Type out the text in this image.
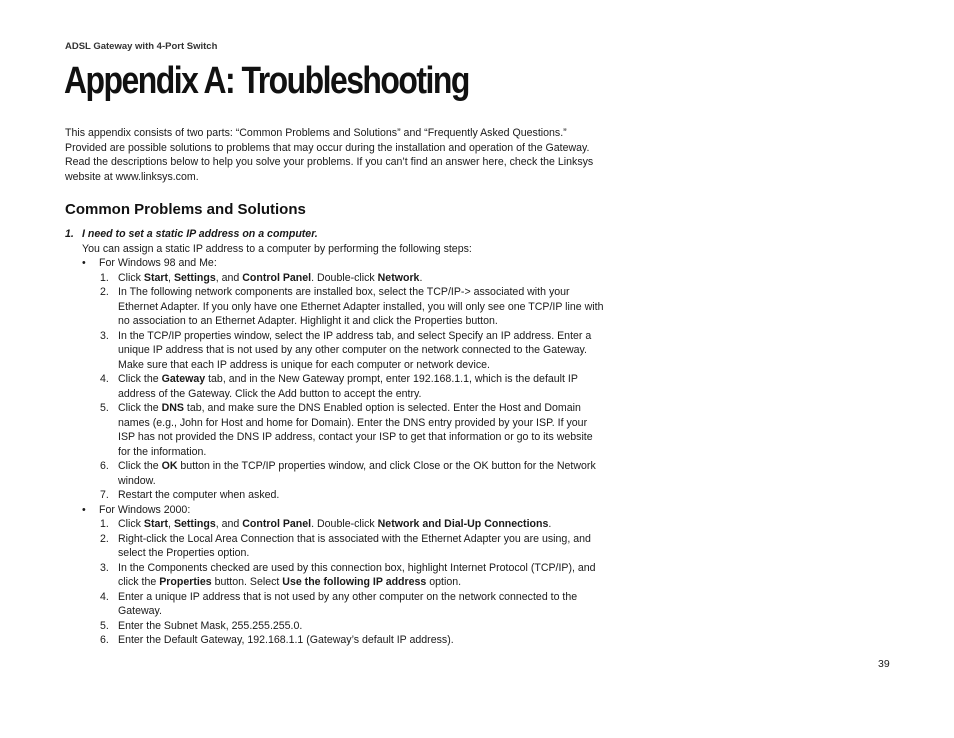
ADSL Gateway with 4-Port Switch
Appendix A: Troubleshooting

This appendix consists of two parts: “Common Problems and Solutions” and “Frequently Asked Questions.” Provided are possible solutions to problems that may occur during the installation and operation of the Gateway. Read the descriptions below to help you solve your problems. If you can’t find an answer here, check the Linksys website at www.linksys.com.

Common Problems and Solutions

1. I need to set a static IP address on a computer.

You can assign a static IP address to a computer by performing the following steps:

• For Windows 98 and Me:

1. Click Start, Settings, and Control Panel. Double-click Network.
2. In The following network components are installed box, select the TCP/IP-> associated with your Ethernet Adapter. If you only have one Ethernet Adapter installed, you will only see one TCP/IP line with no association to an Ethernet Adapter. Highlight it and click the Properties button.
3. In the TCP/IP properties window, select the IP address tab, and select Specify an IP address. Enter a unique IP address that is not used by any other computer on the network connected to the Gateway. Make sure that each IP address is unique for each computer or network device.
4. Click the Gateway tab, and in the New Gateway prompt, enter 192.168.1.1, which is the default IP address of the Gateway. Click the Add button to accept the entry.
5. Click the DNS tab, and make sure the DNS Enabled option is selected. Enter the Host and Domain names (e.g., John for Host and home for Domain). Enter the DNS entry provided by your ISP. If your ISP has not provided the DNS IP address, contact your ISP to get that information or go to its website for the information.
6. Click the OK button in the TCP/IP properties window, and click Close or the OK button for the Network window.
7. Restart the computer when asked.

• For Windows 2000:

1. Click Start, Settings, and Control Panel. Double-click Network and Dial-Up Connections.
2. Right-click the Local Area Connection that is associated with the Ethernet Adapter you are using, and select the Properties option.
3. In the Components checked are used by this connection box, highlight Internet Protocol (TCP/IP), and click the Properties button. Select Use the following IP address option.
4. Enter a unique IP address that is not used by any other computer on the network connected to the Gateway.
5. Enter the Subnet Mask, 255.255.255.0.
6. Enter the Default Gateway, 192.168.1.1 (Gateway’s default IP address).
39
